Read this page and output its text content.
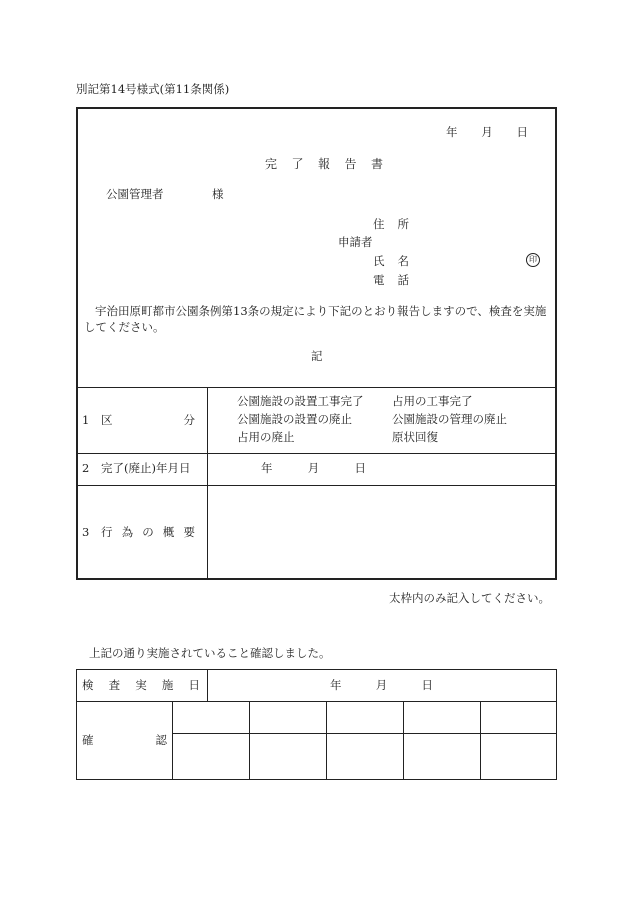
別記第14号様式(第11条関係)
年 月 日
完 了 報 告 書
公園管理者	様
住 所
申請者
氏 名	印
電 話
宇治田原町都市公園条例第13条の規定により下記のとおり報告しますので、検査を実施
してください。
記
1 区	分
公園施設の設置工事完了 占用の工事完了
公園施設の設置の廃止	公園施設の管理の廃止
占用の廃止	原状回復
2 完了(廃止)年月日	年	月	日
3 行 為 の 概 要
太枠内のみ記入してください。
上記の通り実施されていること確認しました。
検 査 実 施 日	年	月	日
確	認
